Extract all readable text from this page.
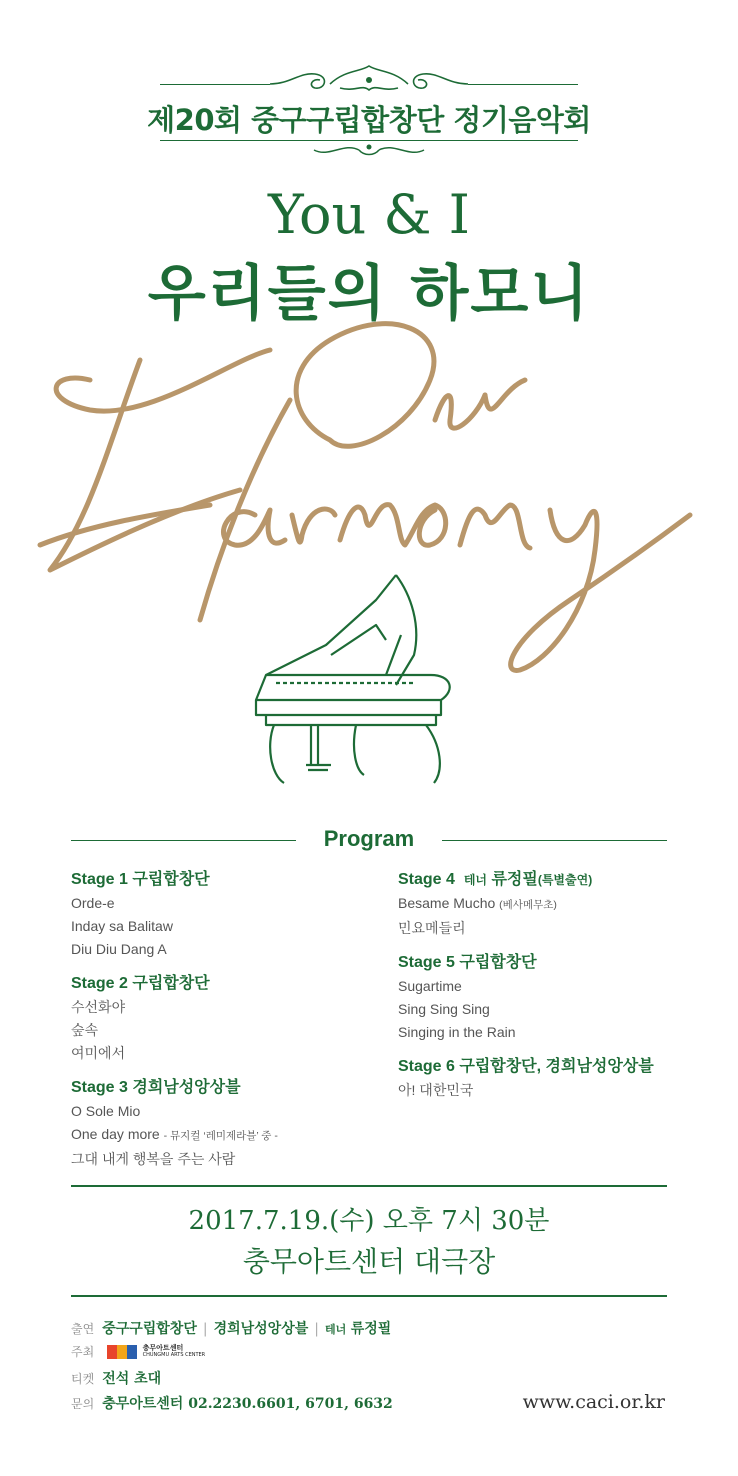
제20회 중구구립합창단 정기음악회
You & I
우리들의 하모니
Program
Stage 1 구립합창단
Orde-e
Inday sa Balitaw
Diu Diu Dang A
Stage 2 구립합창단
수선화야
숲속
여미에서
Stage 3 경희남성앙상블
O Sole Mio
One day more - 뮤지컬 ‘레미제라블’ 중 -
그대 내게 행복을 주는 사람
Stage 4 테너 류정필(특별출연)
Besame Mucho (베사메무초)
민요메들리
Stage 5 구립합창단
Sugartime
Sing Sing Sing
Singing in the Rain
Stage 6 구립합창단, 경희남성앙상블
아! 대한민국
2017.7.19.(수) 오후 7시 30분
충무아트센터 대극장
출연 중구구립합창단 | 경희남성앙상블 | 테너 류정필
주최	충무아트센터
CHUNGMU ARTS CENTER
티켓 전석 초대
문의 충무아트센터 02.2230.6601, 6701, 6632	www.caci.or.kr
